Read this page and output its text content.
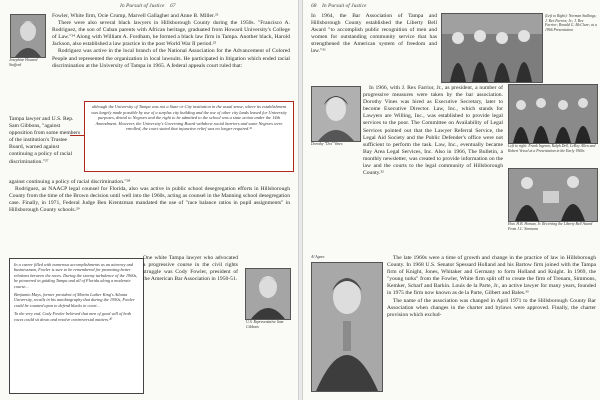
In Pursuit of Justice 67
Josephine Howard Stafford

Fowler, White firm, Ocie Crump, Marvell Gallagher and Anne B. Miller.²²

There were also several black lawyers in Hillsborough County during the 1950s. "Francisco A. Rodriguez, the son of Cuban parents with African heritage, graduated from Howard University's College of Law."²⁴ Along with William A. Fordham, he formed a black law firm in Tampa. Another black, Harold Jackson, also established a law practice in the post World War II period.²⁵

Rodriguez was active in the local branch of the National Association for the Advancement of Colored People and represented the organization in local lawsuits. He participated in litigation which ended racial discrimination at the University of Tampa in 1965. A federal appeals court ruled that:

although the University of Tampa was not a State or City institution in the usual sense, where its establishment was largely made possible by use of a surplus city building and the use of other city lands leased for University purposes, denial to Negroes and the right to be admitted to the school was a state action under the 14th Amendment. However, the University's Governing Board withdrew racial barriers and some Negroes were enrolled, the court stated that injunctive relief was no longer required.²⁶
Tampa lawyer and U.S. Rep. Sam Gibbons, "against opposition from some members of the institution's Trustee Board, warned against continuing a policy of racial discrimination."²⁷

against continuing a policy of racial discrimination."²⁸

Rodriguez, as NAACP legal counsel for Florida, also was active in public school desegregation efforts in Hillsborough County from the time of the Brown decision until well into the 1960s, acting as counsel in the Manning school desegregation case. Finally, in 1971, Federal Judge Ben Krentzman mandated the use of "race balance ratios in pupil assignments" in Hillsborough County schools.²⁹

In a career filled with numerous accomplishments as an attorney and businessman, Fowler is sure to be remembered for promoting better relations between the races. During the stormy turbulence of the 1960s, he pioneered in guiding Tampa and all of Florida along a moderate course...
Benjamin Mays, former president of Martin Luther King's Atlanta University, recalls in his autobiography that during the 1950s, Fowler could be counted upon to defend blacks in court...
To the very end, Cody Fowler believed that men of good will of both races could sit down and resolve controversial matters.³⁰

One white Tampa lawyer who advocated a progressive course in the civil rights struggle was Cody Fowler, president of the American Bar Association in 1950-51.

U.S. Representative Sam Gibbons
68 In Pursuit of Justice
(Left to Right): Norman Stallings; J. Rex Farrior, Jr.; J. Rex Farrior; Ronald G. McClure; at a 1966 Presentation

In 1964, the Bar Association of Tampa and Hillsborough County established the Liberty Bell Award "to accomplish public recognition of men and women for outstanding community service that has strengthened the American system of freedom and law."³¹

Dorothy "Dot" Vines

In 1966, with J. Rex Farrior, Jr., as president, a number of progressive measures were taken by the bar association. Dorothy Vines was hired as Executive Secretary, later to become Executive Director. Law, Inc., which stands for Lawyers are Willing, Inc., was established to provide legal services to the poor. The Committee on Availability of Legal Services pointed out that the Lawyer Referral Service, the Legal Aid Society and the Public Defender's office were not sufficient to perform the task. Law, Inc., eventually became Bay Area Legal Services, Inc. Also in 1966, The Bulletin, a monthly newsletter, was created to provide information on the law and the courts to the legal community of Hillsborough County.³²

Left to right: Frank Ingram, Ralph Dell, LeRoy Allen and Robert Vessel at a Presentation in the Early 1960s
Hon. H.B. Homan, Jr. Receiving the Liberty Bell Award From J.C. Simmons
Al Agnes	The late 1960s were a time of growth and change in the practice of law in Hillsborough County. In 1968 U.S. Senator Spessard Holland and his Bartow firm joined with the Tampa firm of Knight, Jones, Whitaker and Germany to form Holland and Knight. In 1969, the "young turks" from the Fowler, White firm split off to create the firm of Trenam, Simmons, Kemker, Scharf and Barkin. Louis de la Parte, Jr., an active lawyer for many years, founded in 1975 the firm now known as de la Parte, Gilbert and Bales.³³

The name of the association was changed in April 1971 to the Hillsborough County Bar Association when changes in the charter and bylaws were approved. Finally, the charter provision which exclud-
